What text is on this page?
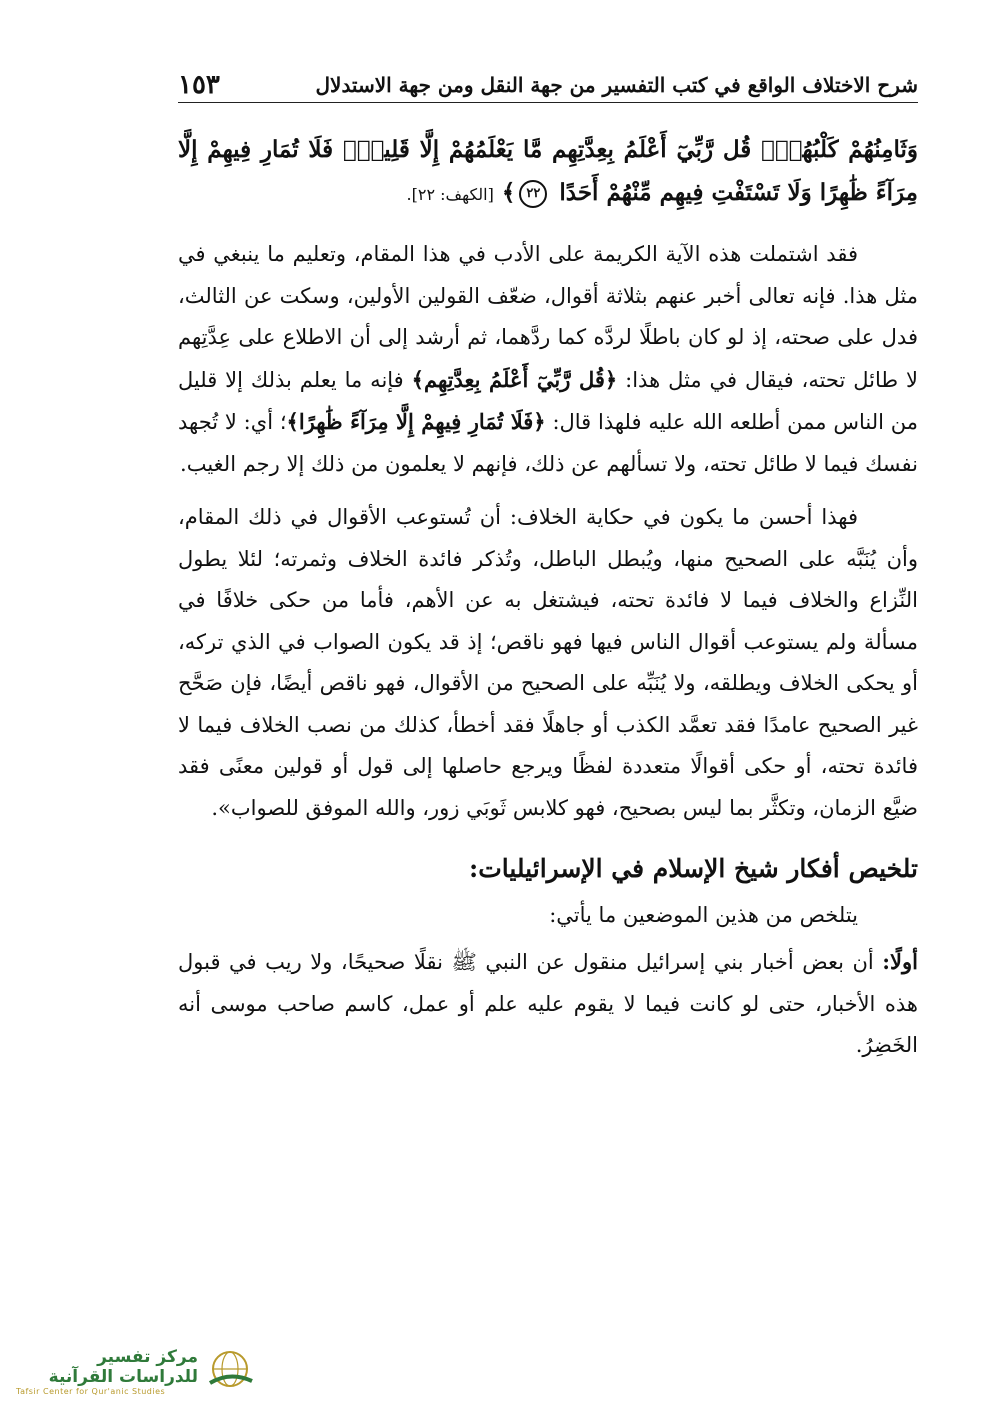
شرح الاختلاف الواقع في كتب التفسير من جهة النقل ومن جهة الاستدلال
١٥٣
وَثَامِنُهُمْ كَلْبُهُمْۚ قُل رَّبِّيٓ أَعْلَمُ بِعِدَّتِهِم مَّا يَعْلَمُهُمْ إِلَّا قَلِيلٌۗ فَلَا تُمَارِ فِيهِمْ إِلَّا مِرَآءً ظَٰهِرًا وَلَا تَسْتَفْتِ فِيهِم مِّنْهُمْ أَحَدًا ٢٢﴾ [الكهف: ٢٢].

فقد اشتملت هذه الآية الكريمة على الأدب في هذا المقام، وتعليم ما ينبغي في مثل هذا. فإنه تعالى أخبر عنهم بثلاثة أقوال، ضعّف القولين الأولين، وسكت عن الثالث، فدل على صحته، إذ لو كان باطلًا لردَّه كما ردَّهما، ثم أرشد إلى أن الاطلاع على عِدَّتِهم لا طائل تحته، فيقال في مثل هذا: ﴿قُل رَّبِّيٓ أَعْلَمُ بِعِدَّتِهِم﴾ فإنه ما يعلم بذلك إلا قليل من الناس ممن أطلعه الله عليه فلهذا قال: ﴿فَلَا تُمَارِ فِيهِمْ إِلَّا مِرَآءً ظَٰهِرًا﴾؛ أي: لا تُجهد نفسك فيما لا طائل تحته، ولا تسألهم عن ذلك، فإنهم لا يعلمون من ذلك إلا رجم الغيب.

فهذا أحسن ما يكون في حكاية الخلاف: أن تُستوعب الأقوال في ذلك المقام، وأن يُنَبَّه على الصحيح منها، ويُبطل الباطل، وتُذكر فائدة الخلاف وثمرته؛ لئلا يطول النِّزاع والخلاف فيما لا فائدة تحته، فيشتغل به عن الأهم، فأما من حكى خلافًا في مسألة ولم يستوعب أقوال الناس فيها فهو ناقص؛ إذ قد يكون الصواب في الذي تركه، أو يحكى الخلاف ويطلقه، ولا يُنَبِّه على الصحيح من الأقوال، فهو ناقص أيضًا، فإن صَحَّح غير الصحيح عامدًا فقد تعمَّد الكذب أو جاهلًا فقد أخطأ، كذلك من نصب الخلاف فيما لا فائدة تحته، أو حكى أقوالًا متعددة لفظًا ويرجع حاصلها إلى قول أو قولين معنًى فقد ضيَّع الزمان، وتكثَّر بما ليس بصحيح، فهو كلابس ثَوبَي زور، والله الموفق للصواب».

تلخيص أفكار شيخ الإسلام في الإسرائيليات:

يتلخص من هذين الموضعين ما يأتي:

أولًا: أن بعض أخبار بني إسرائيل منقول عن النبي ﷺ نقلًا صحيحًا، ولا ريب في قبول هذه الأخبار، حتى لو كانت فيما لا يقوم عليه علم أو عمل، كاسم صاحب موسى أنه الخَضِرُ.

مركز تفسير للدراسات القرآنية
Tafsir Center for Qur'anic Studies
